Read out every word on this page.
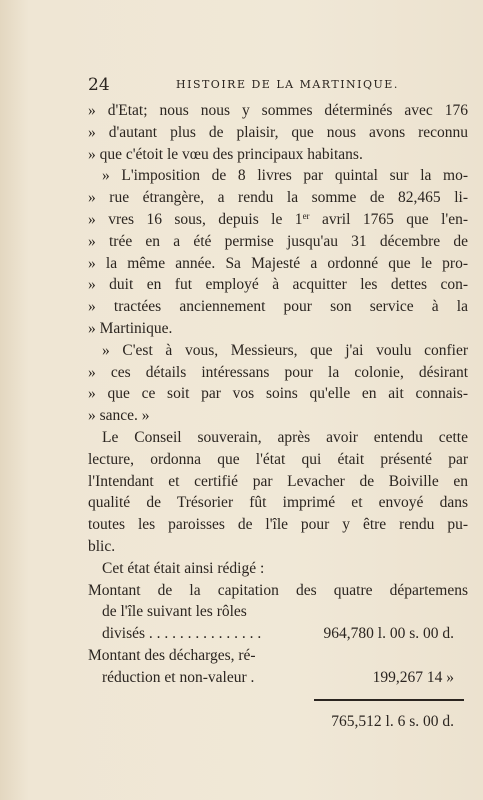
24	HISTOIRE DE LA MARTINIQUE.
» d'Etat; nous nous y sommes déterminés avec 176
» d'autant plus de plaisir, que nous avons reconnu
» que c'étoit le vœu des principaux habitans.
» L'imposition de 8 livres par quintal sur la mo-
» rue étrangère, a rendu la somme de 82,465 li-
» vres 16 sous, depuis le 1er avril 1765 que l'en-
» trée en a été permise jusqu'au 31 décembre de
» la même année. Sa Majesté a ordonné que le pro-
» duit en fut employé à acquitter les dettes con-
» tractées anciennement pour son service à la
» Martinique.
» C'est à vous, Messieurs, que j'ai voulu confier
» ces détails intéressans pour la colonie, désirant
» que ce soit par vos soins qu'elle en ait connais-
» sance. »
Le Conseil souverain, après avoir entendu cette
lecture, ordonna que l'état qui était présenté par
l'Intendant et certifié par Levacher de Boiville en
qualité de Trésorier fût imprimé et envoyé dans
toutes les paroisses de l'île pour y être rendu pu-
blic.
Cet état était ainsi rédigé :
Montant de la capitation des quatre départemens
de l'île suivant les rôles
divisés . . . . . . . . . . . . . . .	964,780 l. 00 s. 00 d.
Montant des décharges, ré-
réduction et non-valeur .	199,267 14 »
765,512 l. 6 s. 00 d.
